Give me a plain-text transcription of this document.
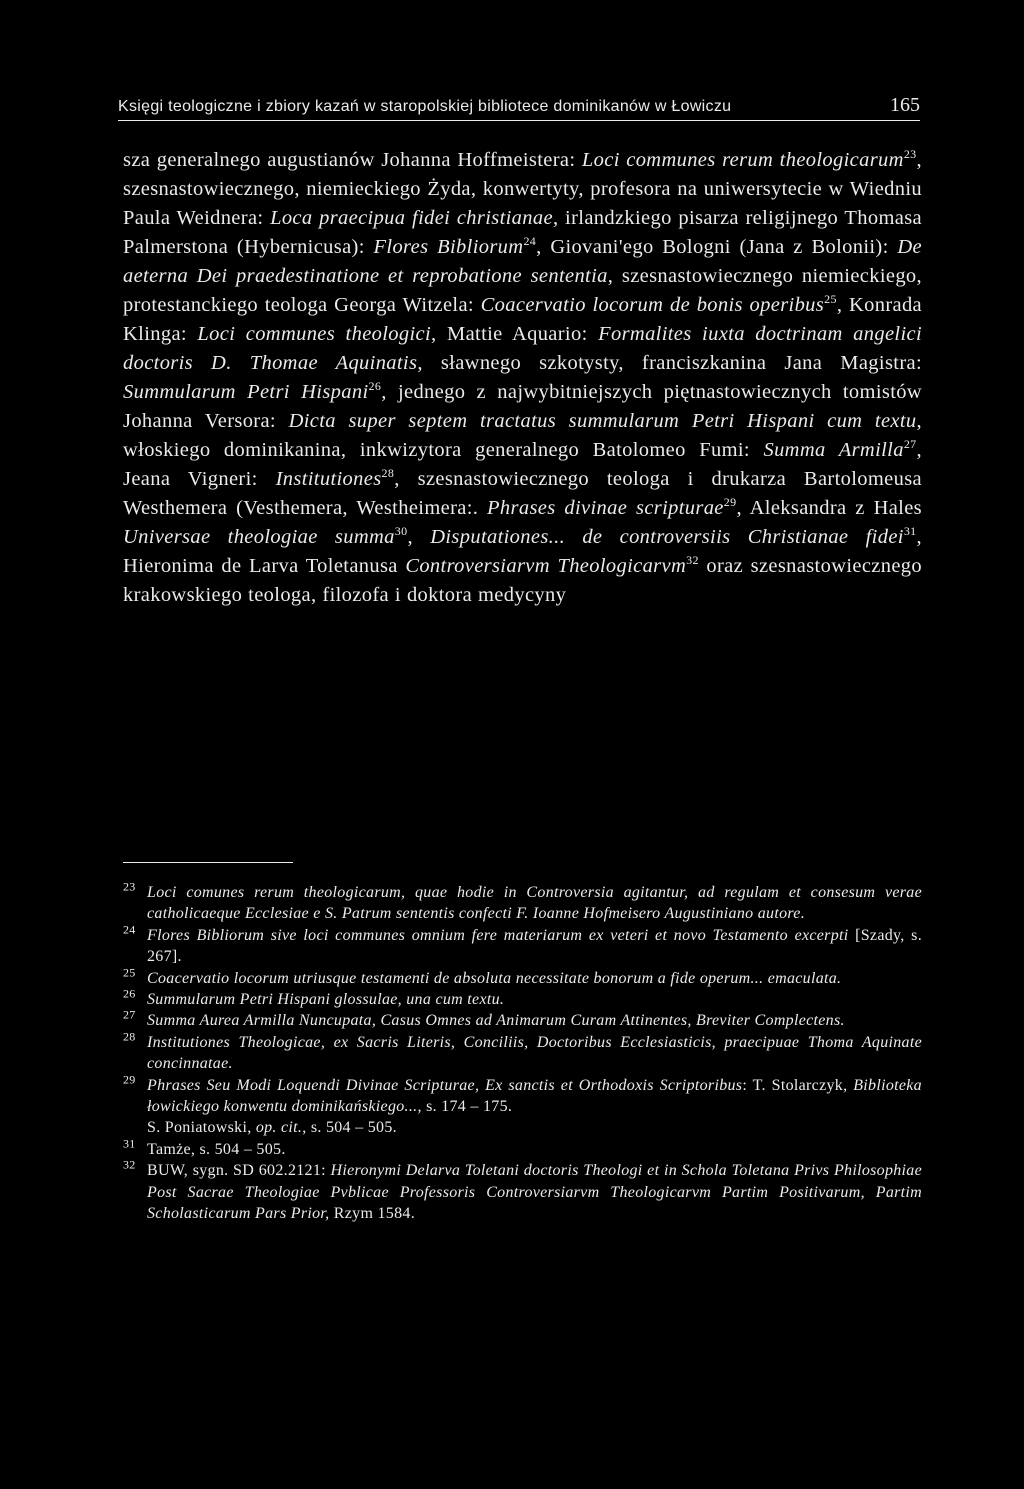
Księgi teologiczne i zbiory kazań w staropolskiej bibliotece dominikanów w Łowiczu	165

sza generalnego augustianów Johanna Hoffmeistera: Loci communes rerum theologicarum$^{23}$, szesnastowiecznego, niemieckiego Żyda, konwertyty, profesora na uniwersytecie w Wiedniu Paula Weidnera: Loca praecipua fidei christianae, irlandzkiego pisarza religijnego Thomasa Palmerstona (Hybernicusa): Flores Bibliorum$^{24}$, Giovani'ego Bologni (Jana z Bolonii): De aeterna Dei praedestinatione et reprobatione sententia, szesnastowiecznego niemieckiego, protestanckiego teologa Georga Witzela: Coacervatio locorum de bonis operibus$^{25}$, Konrada Klinga: Loci communes theologici, Mattie Aquario: Formalites iuxta doctrinam angelici doctoris D. Thomae Aquinatis, sławnego szkotysty, franciszkanina Jana Magistra: Summularum Petri Hispani$^{26}$, jednego z najwybitniejszych piętnastowiecznych tomistów Johanna Versora: Dicta super septem tractatus summularum Petri Hispani cum textu, włoskiego dominikanina, inkwizytora generalnego Batolomeo Fumi: Summa Armilla$^{27}$, Jeana Vigneri: Institutiones$^{28}$, szesnastowiecznego teologa i drukarza Bartolomeusa Westhemera (Vesthemera, Westheimera:. Phrases divinae scripturae$^{29}$, Aleksandra z Hales Universae theologiae summa$^{30}$, Disputationes... de controversiis Christianae fidei$^{31}$, Hieronima de Larva Toletanusa Controversiarvm Theologicarvm$^{32}$ oraz szesnastowiecznego krakowskiego teologa, filozofa i doktora medycyny

$^{23}$ Loci comunes rerum theologicarum, quae hodie in Controversia agitantur, ad regulam et consesum verae catholicaeque Ecclesiae e S. Patrum sententis confecti F. Ioanne Hofmeisero Augustiniano autore.
$^{24}$ Flores Bibliorum sive loci communes omnium fere materiarum ex veteri et novo Testamento excerpti [Szady, s. 267].
$^{25}$ Coacervatio locorum utriusque testamenti de absoluta necessitate bonorum a fide operum... emaculata.
$^{26}$ Summularum Petri Hispani glossulae, una cum textu.
$^{27}$ Summa Aurea Armilla Nuncupata, Casus Omnes ad Animarum Curam Attinentes, Breviter Complectens.
$^{28}$ Institutiones Theologicae, ex Sacris Literis, Conciliis, Doctoribus Ecclesiasticis, praecipuae Thoma Aquinate concinnatae.
$^{29}$ Phrases Seu Modi Loquendi Divinae Scripturae, Ex sanctis et Orthodoxis Scriptoribus: T. Stolarczyk, Biblioteka łowickiego konwentu dominikańskiego..., s. 174 – 175.
S. Poniatowski, op. cit., s. 504 – 505.
$^{31}$ Tamże, s. 504 – 505.
$^{32}$ BUW, sygn. SD 602.2121: Hieronymi Delarva Toletani doctoris Theologi et in Schola Toletana Privs Philosophiae Post Sacrae Theologiae Pvblicae Professoris Controversiarvm Theologicarvm Partim Positivarum, Partim Scholasticarum Pars Prior, Rzym 1584.
